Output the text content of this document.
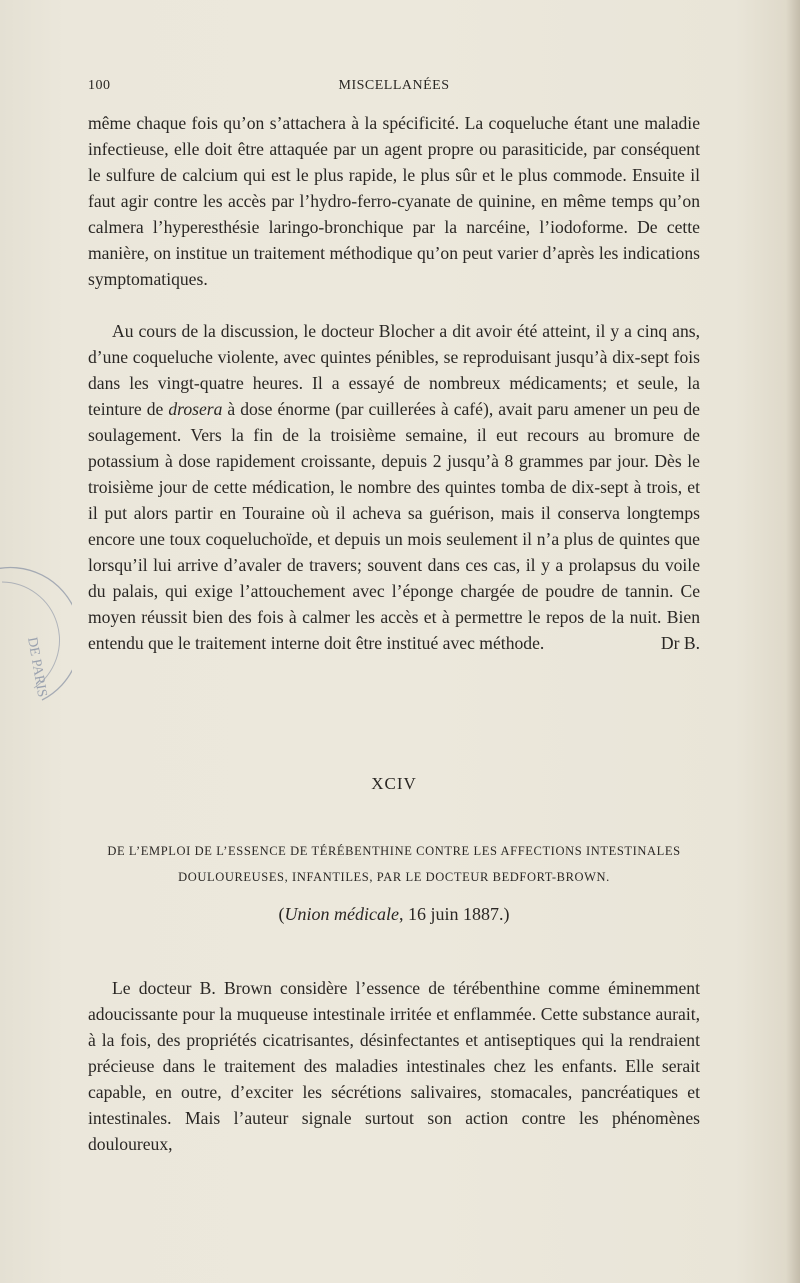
100	MISCELLANÉES

même chaque fois qu’on s’attachera à la spécificité. La coqueluche étant une maladie infectieuse, elle doit être attaquée par un agent propre ou parasiticide, par conséquent le sulfure de calcium qui est le plus rapide, le plus sûr et le plus commode. Ensuite il faut agir contre les accès par l’hydro-ferro-cyanate de quinine, en même temps qu’on calmera l’hyperesthésie laringo-bronchique par la narcéine, l’iodoforme. De cette manière, on institue un traitement méthodique qu’on peut varier d’après les indications symptomatiques.

Au cours de la discussion, le docteur Blocher a dit avoir été atteint, il y a cinq ans, d’une coqueluche violente, avec quintes pénibles, se reproduisant jusqu’à dix-sept fois dans les vingt-quatre heures. Il a essayé de nombreux médicaments; et seule, la teinture de drosera à dose énorme (par cuillerées à café), avait paru amener un peu de soulagement. Vers la fin de la troisième semaine, il eut recours au bromure de potassium à dose rapidement croissante, depuis 2 jusqu’à 8 grammes par jour. Dès le troisième jour de cette médication, le nombre des quintes tomba de dix-sept à trois, et il put alors partir en Touraine où il acheva sa guérison, mais il conserva longtemps encore une toux coqueluchoïde, et depuis un mois seulement il n’a plus de quintes que lorsqu’il lui arrive d’avaler de travers; souvent dans ces cas, il y a prolapsus du voile du palais, qui exige l’attouchement avec l’éponge chargée de poudre de tannin. Ce moyen réussit bien des fois à calmer les accès et à permettre le repos de la nuit. Bien entendu que le traitement interne doit être institué avec méthode.	Dr B.

XCIV
DE L’EMPLOI DE L’ESSENCE DE TÉRÉBENTHINE CONTRE LES AFFECTIONS INTESTINALES
DOULOUREUSES, INFANTILES, PAR LE DOCTEUR BEDFORT-BROWN.
(Union médicale, 16 juin 1887.)

Le docteur B. Brown considère l’essence de térébenthine comme éminemment adoucissante pour la muqueuse intestinale irritée et enflammée. Cette substance aurait, à la fois, des propriétés cicatrisantes, désinfectantes et antiseptiques qui la rendraient précieuse dans le traitement des maladies intestinales chez les enfants. Elle serait capable, en outre, d’exciter les sécrétions salivaires, stomacales, pancréatiques et intestinales. Mais l’auteur signale surtout son action contre les phénomènes douloureux,

DE PARIS
